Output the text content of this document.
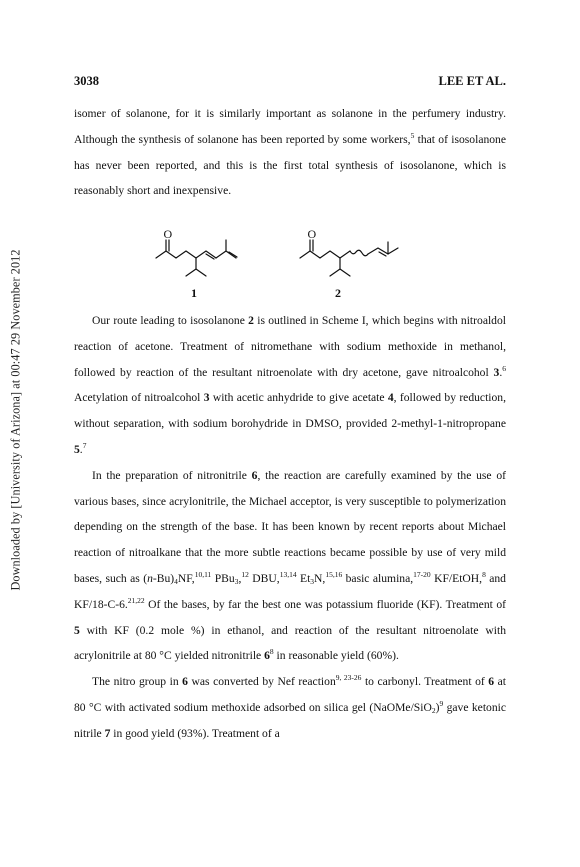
Downloaded by [University of Arizona] at 00:47 29 November 2012
3038	LEE ET AL.

isomer of solanone, for it is similarly important as solanone in the perfumery industry. Although the synthesis of solanone has been reported by some workers,$^5$ that of isosolanone has never been reported, and this is the first total synthesis of isosolanone, which is reasonably short and inexpensive.

O
1
O
2

Our route leading to isosolanone 2 is outlined in Scheme I, which begins with nitroaldol reaction of acetone. Treatment of nitromethane with sodium methoxide in methanol, followed by reaction of the resultant nitroenolate with dry acetone, gave nitroalcohol 3.$^6$ Acetylation of nitroalcohol 3 with acetic anhydride to give acetate 4, followed by reduction, without separation, with sodium borohydride in DMSO, provided 2-methyl-1-nitropropane 5.$^7$

In the preparation of nitronitrile 6, the reaction are carefully examined by the use of various bases, since acrylonitrile, the Michael acceptor, is very susceptible to polymerization depending on the strength of the base. It has been known by recent reports about Michael reaction of nitroalkane that the more subtle reactions became possible by use of very mild bases, such as $(n-Bu)_4NF,^{10,11}$ PBu$_3$,$^{12}$ DBU,$^{13,14}$ $Et_3N,^{15,16}$ basic alumina,$^{17-20}$ KF/EtOH,$^8$ and KF/18-C-6.$^{21,22}$ Of the bases, by far the best one was potassium fluoride (KF). Treatment of 5 with KF (0.2 mole %) in ethanol, and reaction of the resultant nitroenolate with acrylonitrile at 80 °C yielded nitronitrile $6^8$ in reasonable yield (60%).

The nitro group in 6 was converted by Nef reaction$^{9, 23-26}$ to carbonyl. Treatment of 6 at 80 °C with activated sodium methoxide adsorbed on silica gel (NaOMe/SiO$_2$)$^9$ gave ketonic nitrile 7 in good yield (93%). Treatment of a
